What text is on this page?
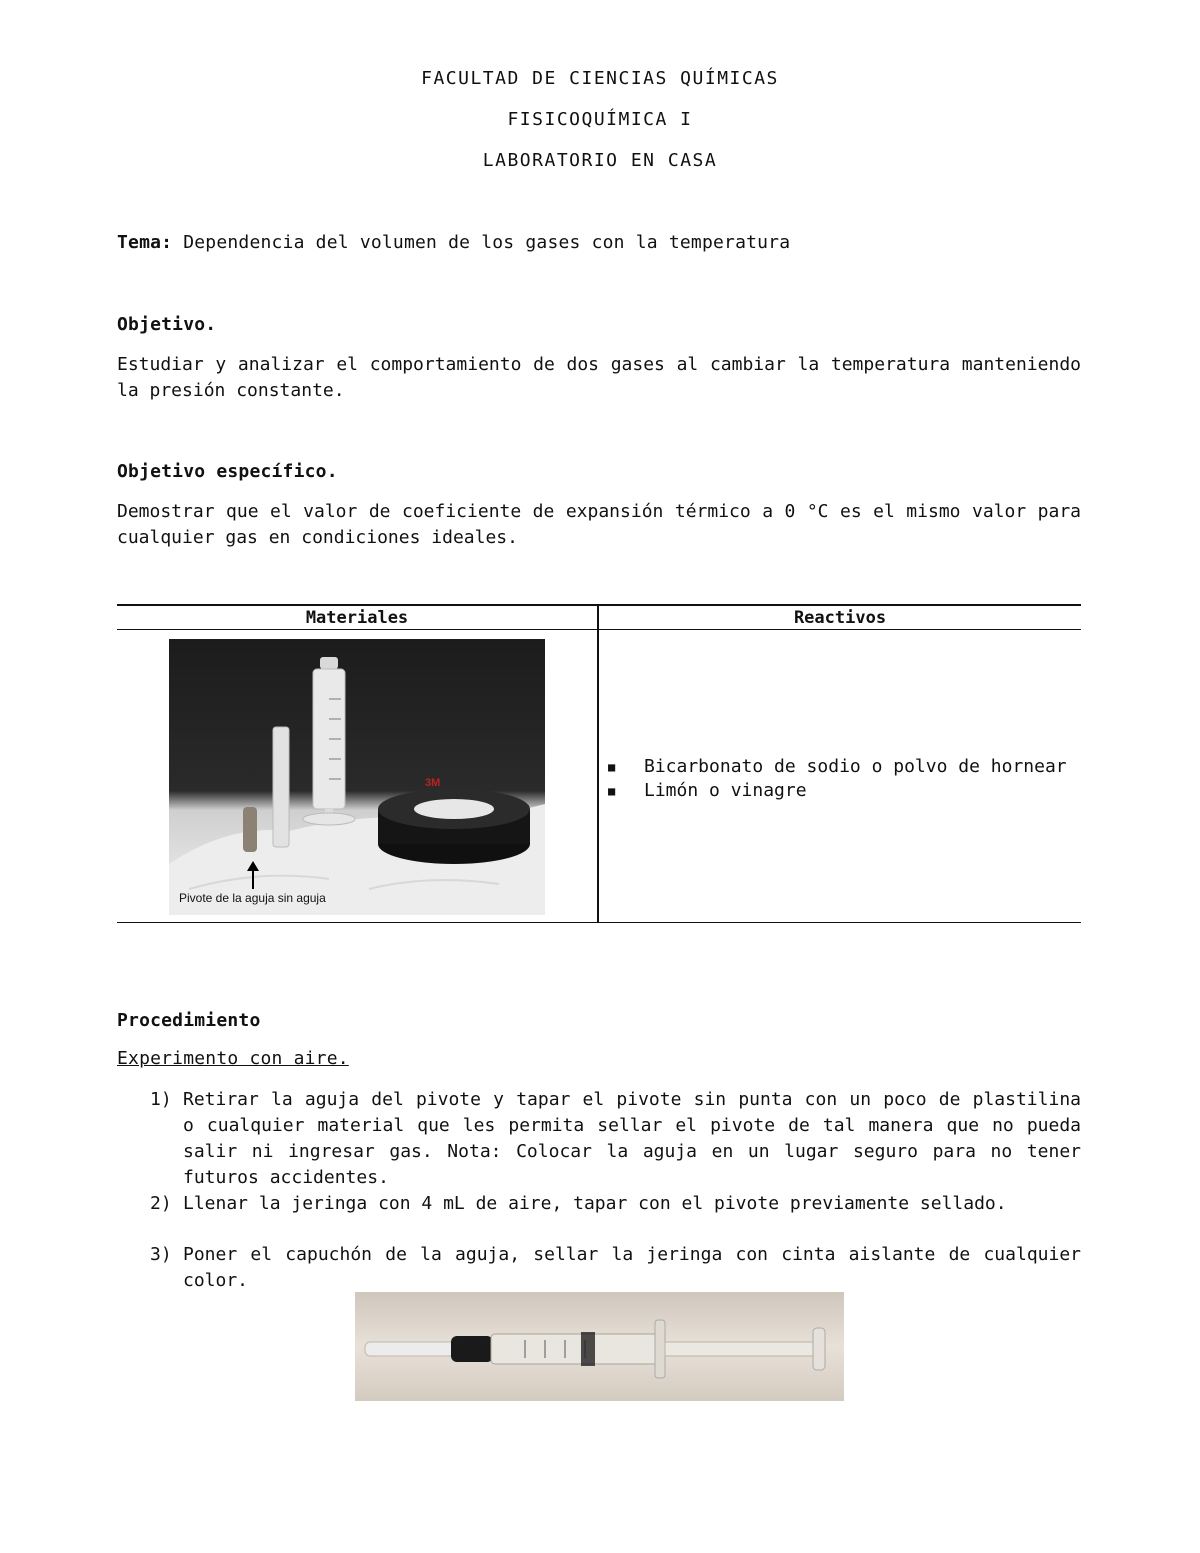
FACULTAD DE CIENCIAS QUÍMICAS
FISICOQUÍMICA I
LABORATORIO EN CASA
Tema: Dependencia del volumen de los gases con la temperatura
Objetivo.
Estudiar y analizar el comportamiento de dos gases al cambiar la temperatura manteniendo la presión constante.
Objetivo específico.
Demostrar que el valor de coeficiente de expansión térmico a 0 °C es el mismo valor para cualquier gas en condiciones ideales.
Materiales	Reactivos
3M
Pivote de la aguja sin aguja
■	Bicarbonato de sodio o polvo de hornear
■	Limón o vinagre
Procedimiento
Experimento con aire.
1) Retirar la aguja del pivote y tapar el pivote sin punta con un poco de plastilina o cualquier material que les permita sellar el pivote de tal manera que no pueda salir ni ingresar gas. Nota: Colocar la aguja en un lugar seguro para no tener futuros accidentes.
2) Llenar la jeringa con 4 mL de aire, tapar con el pivote previamente sellado.
3) Poner el capuchón de la aguja, sellar la jeringa con cinta aislante de cualquier color.
